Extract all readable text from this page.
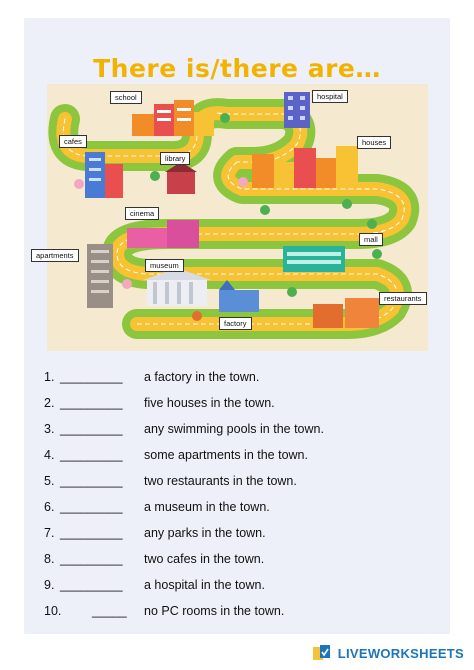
There is/there are…
school	hospital
cafes	houses
library
cinema
mall
apartments
museum
restaurants
factory
1. _________ a factory in the town.
2. _________ five houses in the town.
3. _________ any swimming pools in the town.
4. _________ some apartments in the town.
5. _________ two restaurants in the town.
6. _________ a museum in the town.
7. _________ any parks in the town.
8. _________ two cafes in the town.
9. _________ a hospital in the town.
10. _____ no PC rooms in the town.
LIVEWORKSHEETS
